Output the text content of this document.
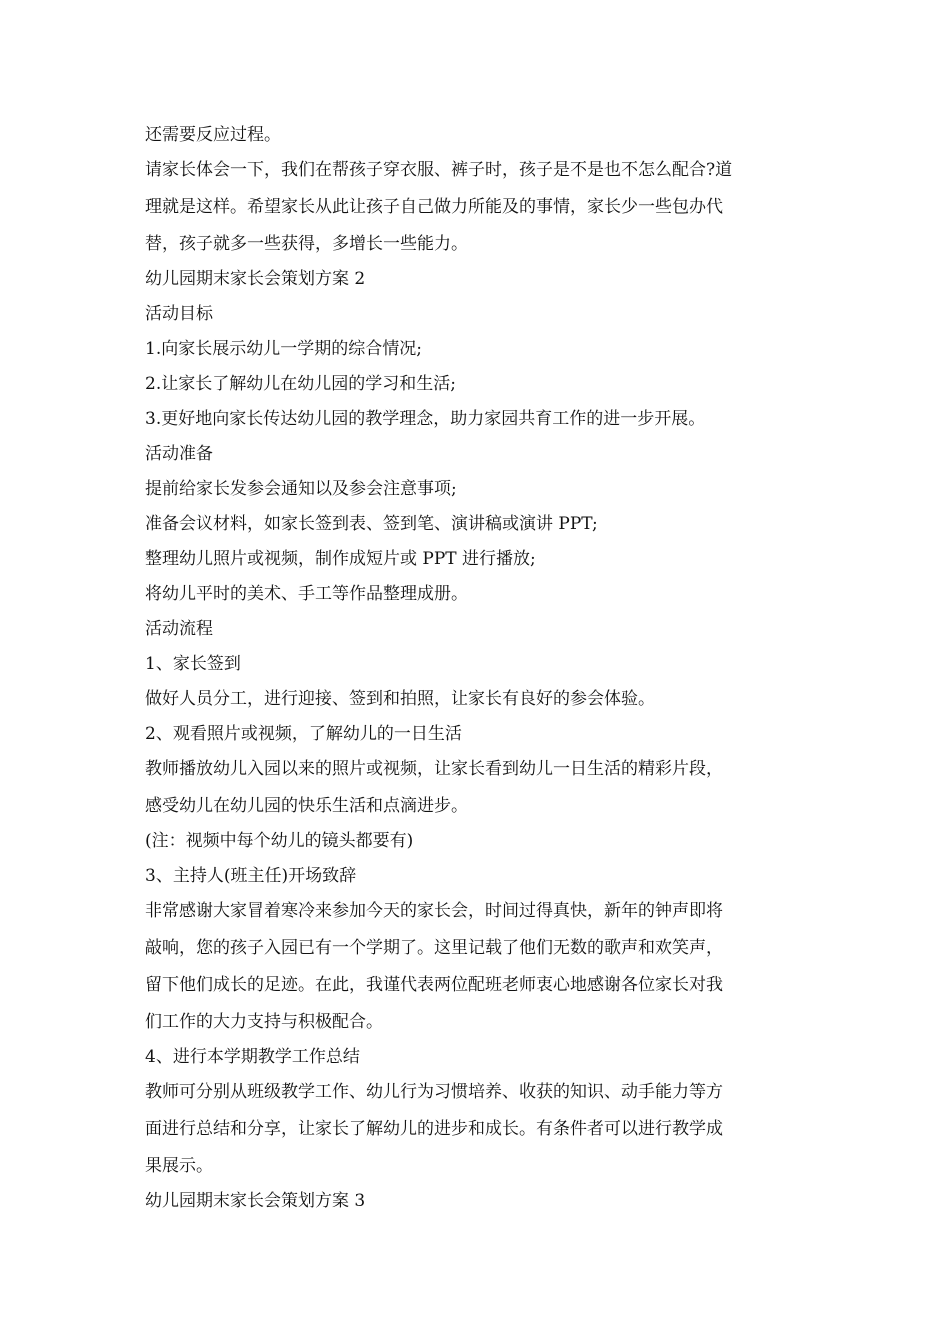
还需要反应过程。

请家长体会一下，我们在帮孩子穿衣服、裤子时，孩子是不是也不怎么配合?道

理就是这样。希望家长从此让孩子自己做力所能及的事情，家长少一些包办代

替，孩子就多一些获得，多增长一些能力。

幼儿园期末家长会策划方案 2

活动目标

1.向家长展示幼儿一学期的综合情况;

2.让家长了解幼儿在幼儿园的学习和生活;

3.更好地向家长传达幼儿园的教学理念，助力家园共育工作的进一步开展。

活动准备

提前给家长发参会通知以及参会注意事项;

准备会议材料，如家长签到表、签到笔、演讲稿或演讲 PPT;

整理幼儿照片或视频，制作成短片或 PPT 进行播放;

将幼儿平时的美术、手工等作品整理成册。

活动流程

1、家长签到

做好人员分工，进行迎接、签到和拍照，让家长有良好的参会体验。

2、观看照片或视频，了解幼儿的一日生活

教师播放幼儿入园以来的照片或视频，让家长看到幼儿一日生活的精彩片段，

感受幼儿在幼儿园的快乐生活和点滴进步。

(注：视频中每个幼儿的镜头都要有)

3、主持人(班主任)开场致辞

非常感谢大家冒着寒冷来参加今天的家长会，时间过得真快，新年的钟声即将

敲响，您的孩子入园已有一个学期了。这里记载了他们无数的歌声和欢笑声，

留下他们成长的足迹。在此，我谨代表两位配班老师衷心地感谢各位家长对我

们工作的大力支持与积极配合。

4、进行本学期教学工作总结

教师可分别从班级教学工作、幼儿行为习惯培养、收获的知识、动手能力等方

面进行总结和分享，让家长了解幼儿的进步和成长。有条件者可以进行教学成

果展示。

幼儿园期末家长会策划方案 3
